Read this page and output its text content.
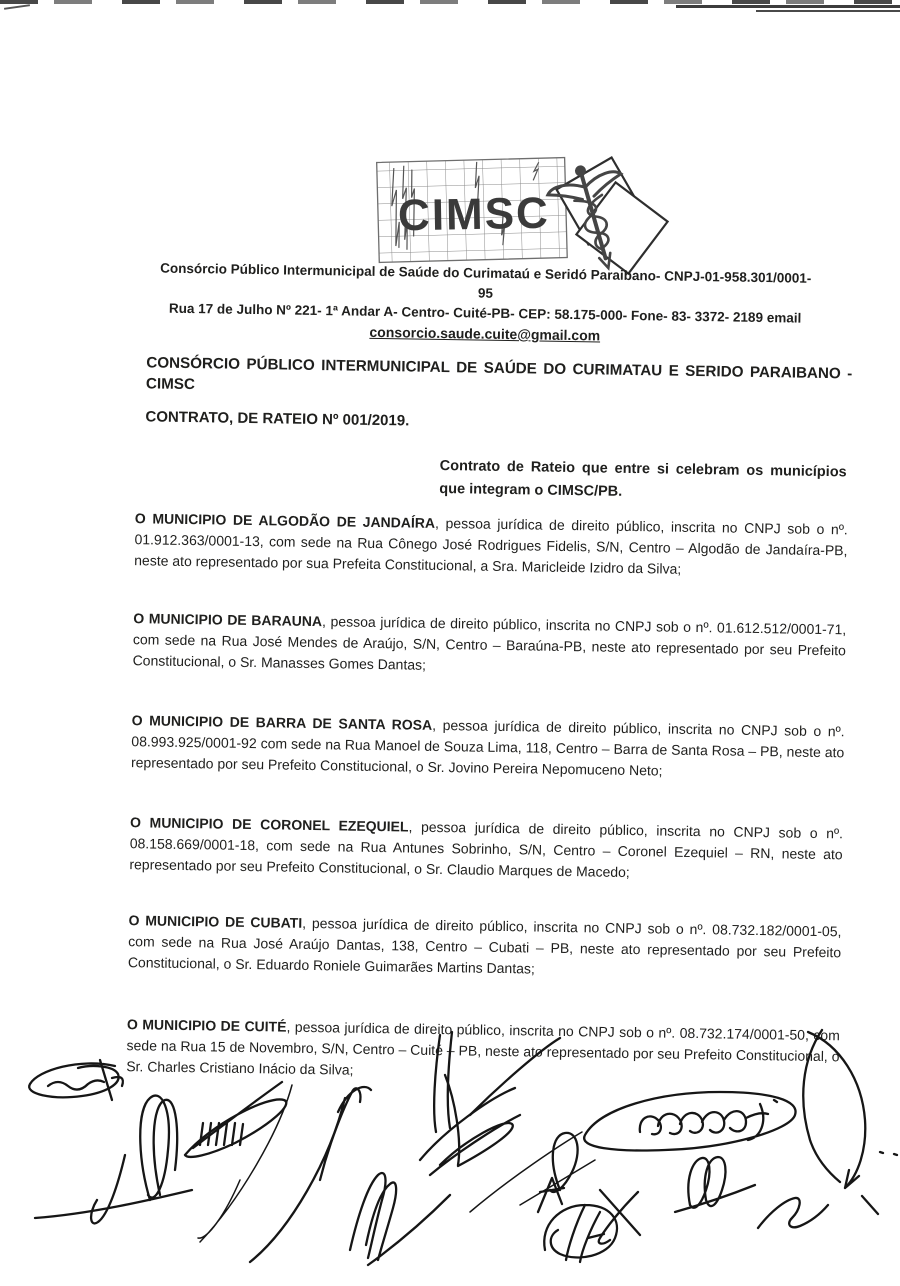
CIMSC
Consórcio Público Intermunicipal de Saúde do Curimataú e Seridó Paraibano- CNPJ-01-958.301/0001-
95
Rua 17 de Julho Nº 221- 1ª Andar A- Centro- Cuité-PB- CEP: 58.175-000- Fone- 83- 3372- 2189 email
consorcio.saude.cuite@gmail.com
CONSÓRCIO PÚBLICO INTERMUNICIPAL DE SAÚDE DO CURIMATAU E SERIDO PARAIBANO - CIMSC

CONTRATO, DE RATEIO Nº 001/2019.

Contrato de Rateio que entre si celebram os municípios que integram o CIMSC/PB.

O MUNICIPIO DE ALGODÃO DE JANDAÍRA, pessoa jurídica de direito público, inscrita no CNPJ sob o nº. 01.912.363/0001-13, com sede na Rua Cônego José Rodrigues Fidelis, S/N, Centro – Algodão de Jandaíra-PB, neste ato representado por sua Prefeita Constitucional, a Sra. Maricleide Izidro da Silva;

O MUNICIPIO DE BARAUNA, pessoa jurídica de direito público, inscrita no CNPJ sob o nº. 01.612.512/0001-71, com sede na Rua José Mendes de Araújo, S/N, Centro – Baraúna-PB, neste ato representado por seu Prefeito Constitucional, o Sr. Manasses Gomes Dantas;

O MUNICIPIO DE BARRA DE SANTA ROSA, pessoa jurídica de direito público, inscrita no CNPJ sob o nº. 08.993.925/0001-92 com sede na Rua Manoel de Souza Lima, 118, Centro – Barra de Santa Rosa – PB, neste ato representado por seu Prefeito Constitucional, o Sr. Jovino Pereira Nepomuceno Neto;

O MUNICIPIO DE CORONEL EZEQUIEL, pessoa jurídica de direito público, inscrita no CNPJ sob o nº. 08.158.669/0001-18, com sede na Rua Antunes Sobrinho, S/N, Centro – Coronel Ezequiel – RN, neste ato representado por seu Prefeito Constitucional, o Sr. Claudio Marques de Macedo;

O MUNICIPIO DE CUBATI, pessoa jurídica de direito público, inscrita no CNPJ sob o nº. 08.732.182/0001-05, com sede na Rua José Araújo Dantas, 138, Centro – Cubati – PB, neste ato representado por seu Prefeito Constitucional, o Sr. Eduardo Roniele Guimarães Martins Dantas;

O MUNICIPIO DE CUITÉ, pessoa jurídica de direito público, inscrita no CNPJ sob o nº. 08.732.174/0001-50, com sede na Rua 15 de Novembro, S/N, Centro – Cuité – PB, neste ato representado por seu Prefeito Constitucional, o Sr. Charles Cristiano Inácio da Silva;
